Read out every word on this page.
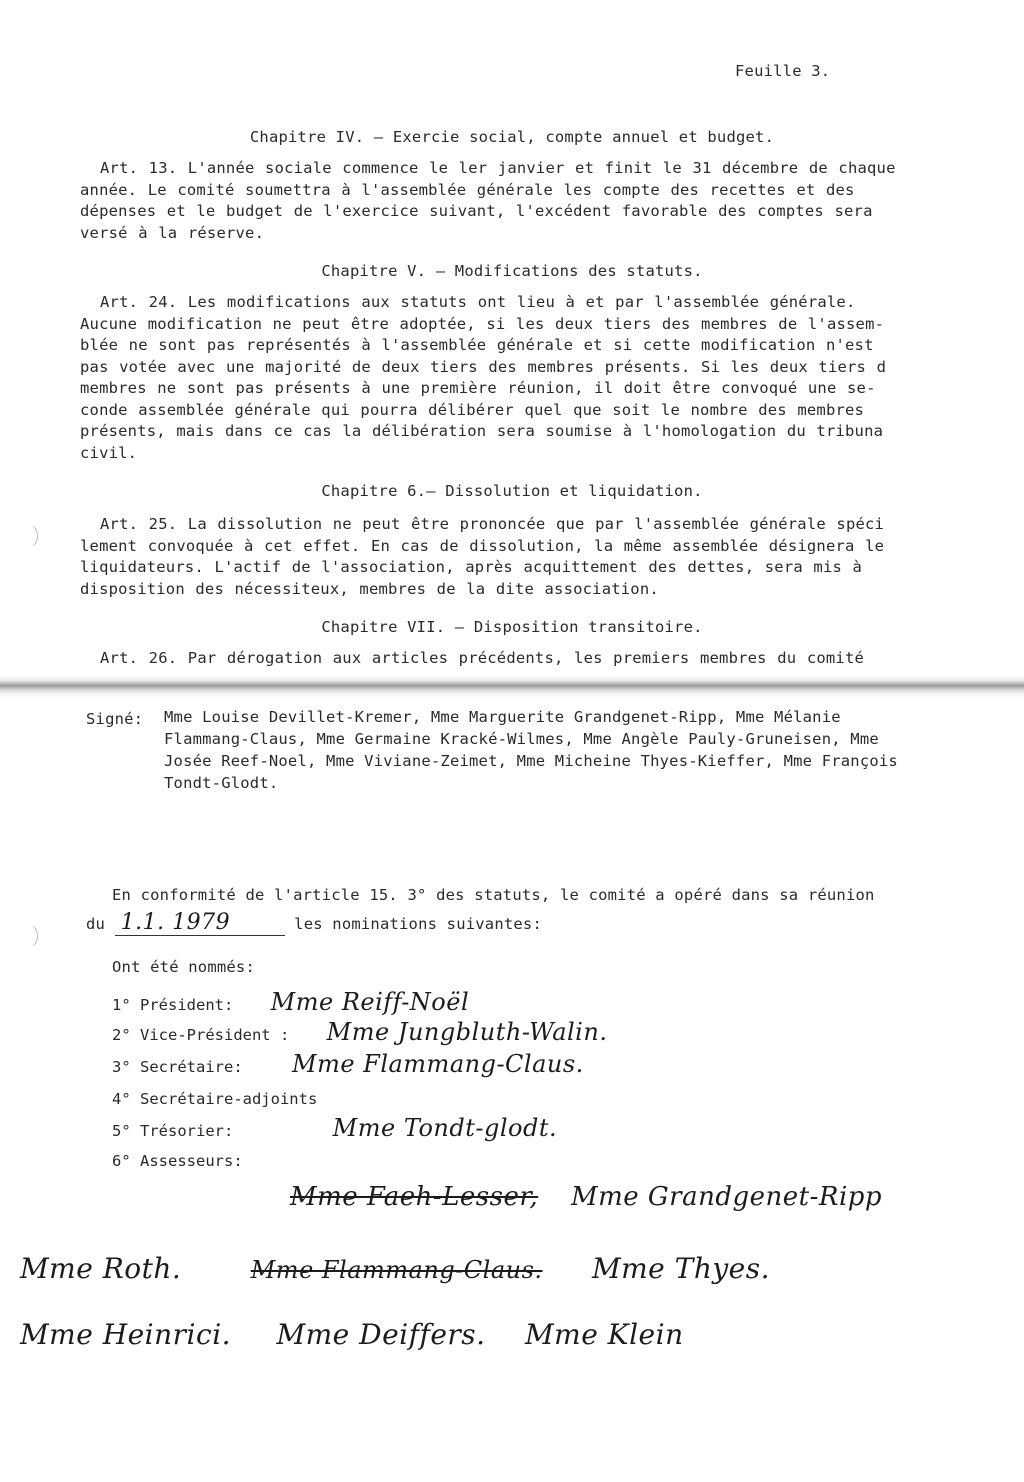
Feuille 3.
Chapitre IV. — Exercie social, compte annuel et budget.
Art. 13. L'année sociale commence le ler janvier et finit le 31 décembre de chaque
année. Le comité soumettra à l'assemblée générale les compte des recettes et des
dépenses et le budget de l'exercice suivant, l'excédent favorable des comptes sera
versé à la réserve.
Chapitre V. — Modifications des statuts.
Art. 24. Les modifications aux statuts ont lieu à et par l'assemblée générale.
Aucune modification ne peut être adoptée, si les deux tiers des membres de l'assem-
blée ne sont pas représentés à l'assemblée générale et si cette modification n'est
pas votée avec une majorité de deux tiers des membres présents. Si les deux tiers d
membres ne sont pas présents à une première réunion, il doit être convoqué une se-
conde assemblée générale qui pourra délibérer quel que soit le nombre des membres
présents, mais dans ce cas la délibération sera soumise à l'homologation du tribuna
civil.
Chapitre 6.— Dissolution et liquidation.
Art. 25. La dissolution ne peut être prononcée que par l'assemblée générale spéci
lement convoquée à cet effet. En cas de dissolution, la même assemblée désignera le
liquidateurs. L'actif de l'association, après acquittement des dettes, sera mis à
disposition des nécessiteux, membres de la dite association.
Chapitre VII. — Disposition transitoire.
Art. 26. Par dérogation aux articles précédents, les premiers membres du comité
Signé: Mme Louise Devillet-Kremer, Mme Marguerite Grandgenet-Ripp, Mme Mélanie
Flammang-Claus, Mme Germaine Kracké-Wilmes, Mme Angèle Pauly-Gruneisen, Mme
Josée Reef-Noel, Mme Viviane-Zeimet, Mme Micheine Thyes-Kieffer, Mme François
Tondt-Glodt.
En conformité de l'article 15. 3° des statuts, le comité a opéré dans sa réunion
du 1.1. 1979	les nominations suivantes:
Ont été nommés:
1° Président: Mme Reiff-Noël
2° Vice-Président : Mme Jungbluth-Walin.
3° Secrétaire: Mme Flammang-Claus.
4° Secrétaire-adjoints
5° Trésorier:	Mme Tondt-glodt.
6° Assesseurs:
Mme Faeh-Lesser, Mme Grandgenet-Ripp
Mme Roth.	Mme Flammang-Claus. Mme Thyes.
Mme Heinrici. Mme Deiffers. Mme Klein
